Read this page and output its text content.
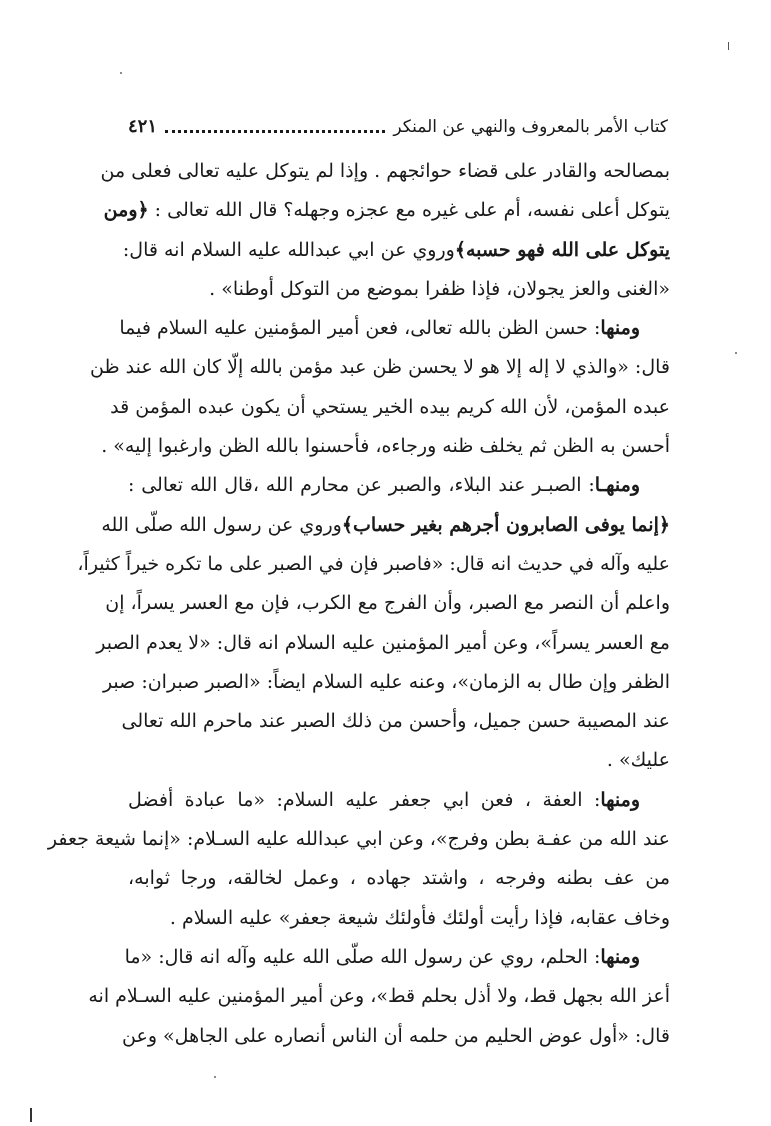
كتاب الأمر بالمعروف والنهي عن المنكر
٤٢١
بمصالحه والقادر على قضاء حوائجهم . وإذا لم يتوكل عليه تعالى فعلى من
يتوكل أعلى نفسه، أم على غيره مع عجزه وجهله؟ قال الله تعالى : ﴿ومن
يتوكل على الله فهو حسبه﴾وروي عن ابي عبدالله عليه السلام انه قال:
«الغنى والعز يجولان، فإذا ظفرا بموضع من التوكل أوطنا» .
ومنها: حسن الظن بالله تعالى، فعن أمير المؤمنين عليه السلام فيما
قال: «والذي لا إله إلا هو لا يحسن ظن عبد مؤمن بالله إلّا كان الله عند ظن
عبده المؤمن، لأن الله كريم بيده الخير يستحي أن يكون عبده المؤمن قد
أحسن به الظن ثم يخلف ظنه ورجاءه، فأحسنوا بالله الظن وارغبوا إليه» .
ومنهـا: الصبـر عند البلاء، والصبر عن محارم الله ،قال الله تعالى :
﴿إنما يوفى الصابرون أجرهم بغير حساب﴾وروي عن رسول الله صلّى الله
عليه وآله في حديث انه قال: «فاصبر فإن في الصبر على ما تكره خيراً كثيراً،
واعلم أن النصر مع الصبر، وأن الفرج مع الكرب، فإن مع العسر يسراً، إن
مع العسر يسراً»، وعن أمير المؤمنين عليه السلام انه قال: «لا يعدم الصبر
الظفر وإن طال به الزمان»، وعنه عليه السلام ايضاً: «الصبر صبران: صبر
عند المصيبة حسن جميل، وأحسن من ذلك الصبر عند ماحرم الله تعالى
عليك» .
ومنها: العفة ، فعن ابي جعفر عليه السلام: «ما عبادة أفضل
عند الله من عفـة بطن وفرج»، وعن ابي عبدالله عليه السـلام: «إنما شيعة جعفر
من عف بطنه وفرجه ، واشتد جهاده ، وعمل لخالقه، ورجا ثوابه،
وخاف عقابه، فإذا رأيت أولئك فأولئك شيعة جعفر» عليه السلام .
ومنها: الحلم، روي عن رسول الله صلّى الله عليه وآله انه قال: «ما
أعز الله بجهل قط، ولا أذل بحلم قط»، وعن أمير المؤمنين عليه السـلام انه
قال: «أول عوض الحليم من حلمه أن الناس أنصاره على الجاهل» وعن
